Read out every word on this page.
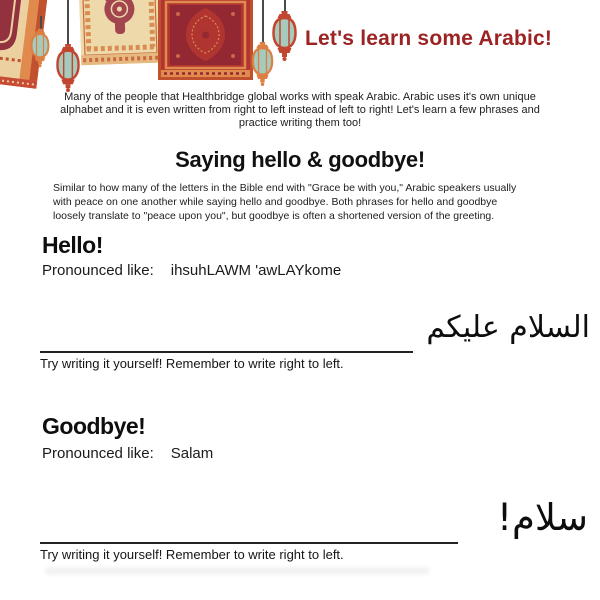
Let's learn some Arabic!
Many of the people that Healthbridge global works with speak Arabic. Arabic uses it's own unique
alphabet and it is even written from right to left instead of left to right! Let's learn a few phrases and
practice writing them too!
Saying hello & goodbye!
Similar to how many of the letters in the Bible end with "Grace be with you," Arabic speakers usually
with peace on one another while saying hello and goodbye. Both phrases for hello and goodbye
loosely translate to "peace upon you", but goodbye is often a shortened version of the greeting.
Hello!
Pronounced like: ihsuhLAWM 'awLAYkome
السلام عليكم
Try writing it yourself! Remember to write right to left.
Goodbye!
Pronounced like: Salam
سلام!
Try writing it yourself! Remember to write right to left.
